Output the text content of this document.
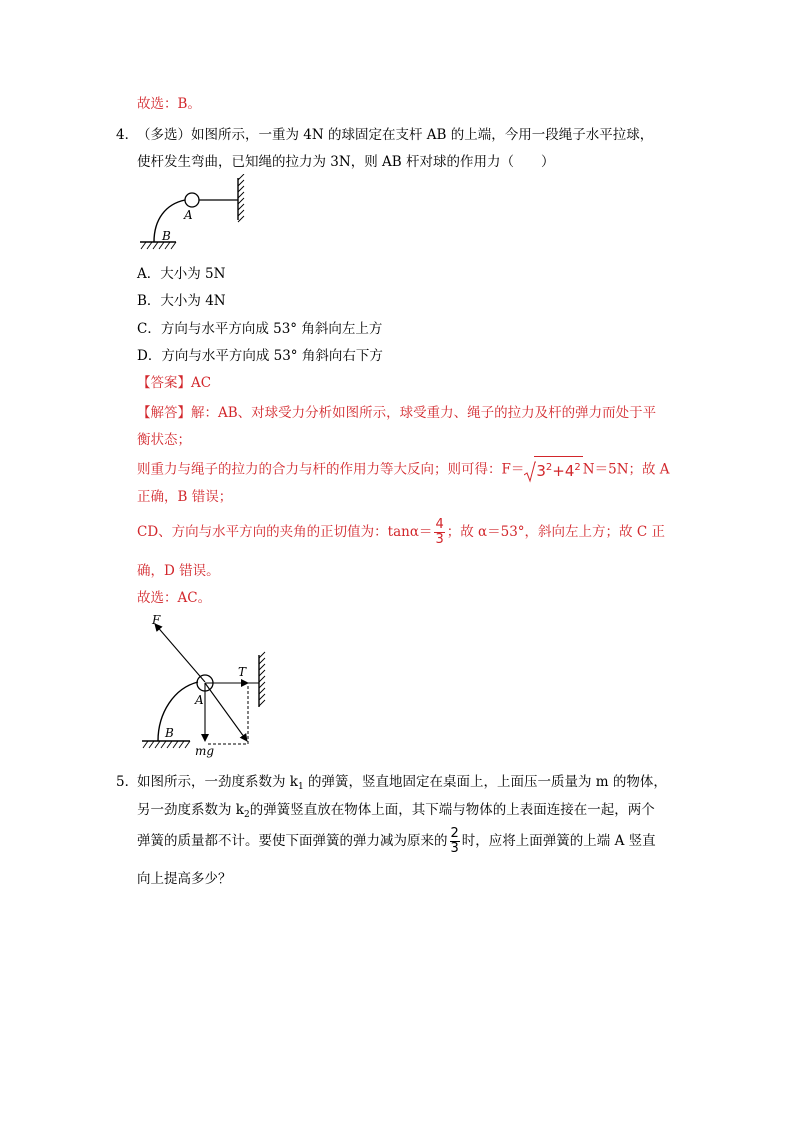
故选：B。
4．
（多选）如图所示，一重为 4N 的球固定在支杆 AB 的上端，今用一段绳子水平拉球，
使杆发生弯曲，已知绳的拉力为 3N，则 AB 杆对球的作用力（　　）
A
B
A．大小为 5N
B．大小为 4N
C．方向与水平方向成 53° 角斜向左上方
D．方向与水平方向成 53° 角斜向右下方
【答案】AC
【解答】解：AB、对球受力分析如图所示，球受重力、绳子的拉力及杆的弹力而处于平
衡状态；
则重力与绳子的拉力的合力与杆的作用力等大反向；则可得：$F= 3^2+4^2$ N＝5N；故 A
正确，B 错误；
CD、方向与水平方向的夹角的正切值为：$\tan\alpha= \frac{4}{3}$ ；故 α＝53°，斜向左上方；故 C 正
确，D 错误。
故选：AC。
F
T
A
B
mg
5．
如图所示，一劲度系数为 $k_1$ 的弹簧，竖直地固定在桌面上，上面压一质量为 m 的物体，
另一劲度系数为 $k_2$的弹簧竖直放在物体上面，其下端与物体的上表面连接在一起，两个
弹簧的质量都不计。要使下面弹簧的弹力减为原来的 $\frac{2}{3}$ 时，应将上面弹簧的上端 A 竖直
向上提高多少？
